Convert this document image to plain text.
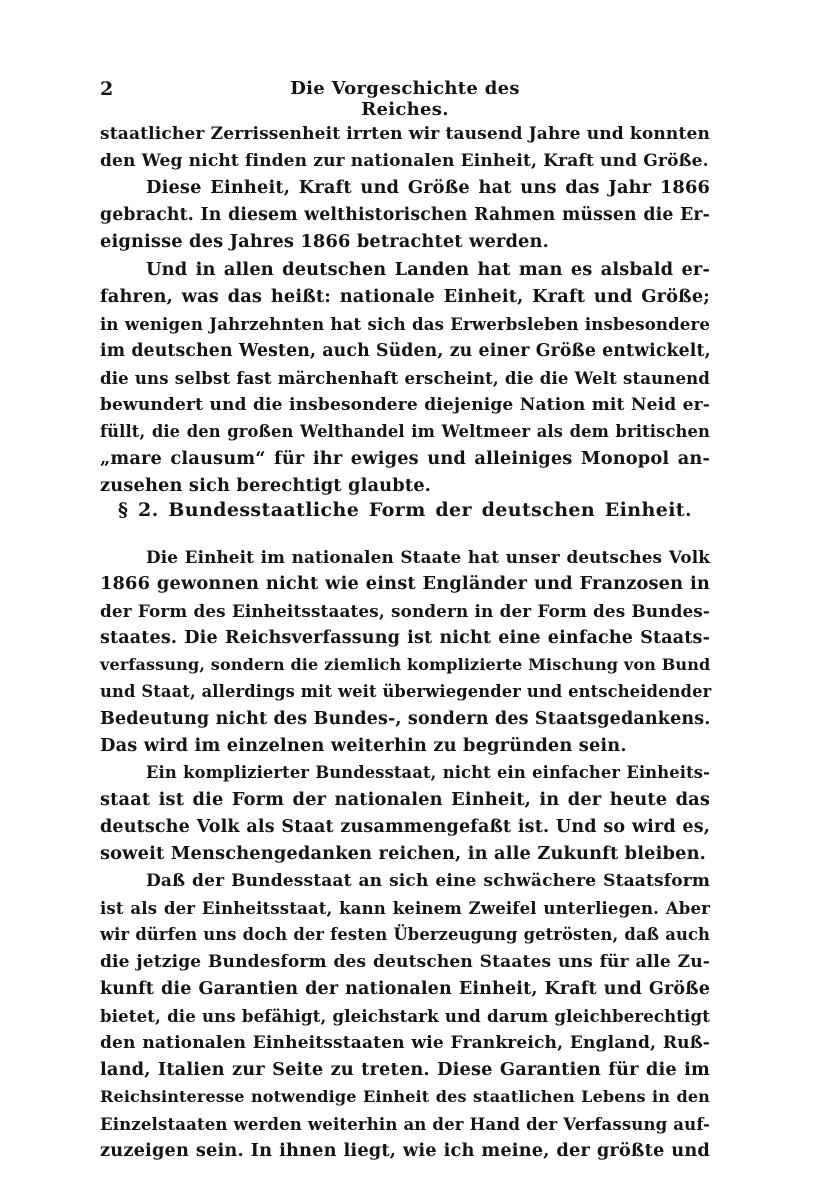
2	Die Vorgeschichte des Reiches.
staatlicher Zerrissenheit irrten wir tausend Jahre und konnten
den Weg nicht finden zur nationalen Einheit, Kraft und Größe.
Diese Einheit, Kraft und Größe hat uns das Jahr 1866
gebracht. In diesem welthistorischen Rahmen müssen die Er-
eignisse des Jahres 1866 betrachtet werden.
Und in allen deutschen Landen hat man es alsbald er-
fahren, was das heißt: nationale Einheit, Kraft und Größe;
in wenigen Jahrzehnten hat sich das Erwerbsleben insbesondere
im deutschen Westen, auch Süden, zu einer Größe entwickelt,
die uns selbst fast märchenhaft erscheint, die die Welt staunend
bewundert und die insbesondere diejenige Nation mit Neid er-
füllt, die den großen Welthandel im Weltmeer als dem britischen
„mare clausum“ für ihr ewiges und alleiniges Monopol an-
zusehen sich berechtigt glaubte.
§ 2. Bundesstaatliche Form der deutschen Einheit.
Die Einheit im nationalen Staate hat unser deutsches Volk
1866 gewonnen nicht wie einst Engländer und Franzosen in
der Form des Einheitsstaates, sondern in der Form des Bundes-
staates. Die Reichsverfassung ist nicht eine einfache Staats-
verfassung, sondern die ziemlich komplizierte Mischung von Bund
und Staat, allerdings mit weit überwiegender und entscheidender
Bedeutung nicht des Bundes-, sondern des Staatsgedankens.
Das wird im einzelnen weiterhin zu begründen sein.
Ein komplizierter Bundesstaat, nicht ein einfacher Einheits-
staat ist die Form der nationalen Einheit, in der heute das
deutsche Volk als Staat zusammengefaßt ist. Und so wird es,
soweit Menschengedanken reichen, in alle Zukunft bleiben.
Daß der Bundesstaat an sich eine schwächere Staatsform
ist als der Einheitsstaat, kann keinem Zweifel unterliegen. Aber
wir dürfen uns doch der festen Überzeugung getrösten, daß auch
die jetzige Bundesform des deutschen Staates uns für alle Zu-
kunft die Garantien der nationalen Einheit, Kraft und Größe
bietet, die uns befähigt, gleichstark und darum gleichberechtigt
den nationalen Einheitsstaaten wie Frankreich, England, Ruß-
land, Italien zur Seite zu treten. Diese Garantien für die im
Reichsinteresse notwendige Einheit des staatlichen Lebens in den
Einzelstaaten werden weiterhin an der Hand der Verfassung auf-
zuzeigen sein. In ihnen liegt, wie ich meine, der größte und
